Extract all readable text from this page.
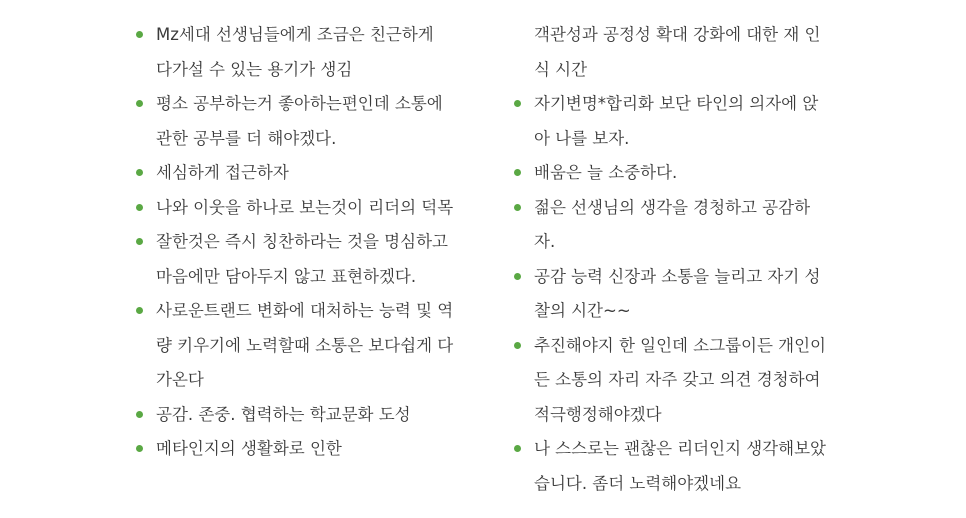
Mz세대 선생님들에게 조금은 친근하게
다가설 수 있는 용기가 생김
평소 공부하는거 좋아하는편인데 소통에
관한 공부를 더 해야겠다.
세심하게 접근하자
나와 이웃을 하나로 보는것이 리더의 덕목
잘한것은 즉시 칭찬하라는 것을 명심하고
마음에만 담아두지 않고 표현하겠다.
사로운트랜드 변화에 대처하는 능력 및 역
량 키우기에 노력할때 소통은 보다쉽게 다
가온다
공감. 존중. 협력하는 학교문화 도성
메타인지의 생활화로 인한
객관성과 공정성 확대 강화에 대한 재 인
식 시간
자기변명*합리화 보단 타인의 의자에 앉
아 나를 보자.
배움은 늘 소중하다.
젊은 선생님의 생각을 경청하고 공감하
자.
공감 능력 신장과 소통을 늘리고 자기 성
찰의 시간~~
추진해야지 한 일인데 소그룹이든 개인이
든 소통의 자리 자주 갖고 의견 경청하여
적극행정해야겠다
나 스스로는 괜찮은 리더인지 생각해보았
습니다. 좀더 노력해야겠네요
